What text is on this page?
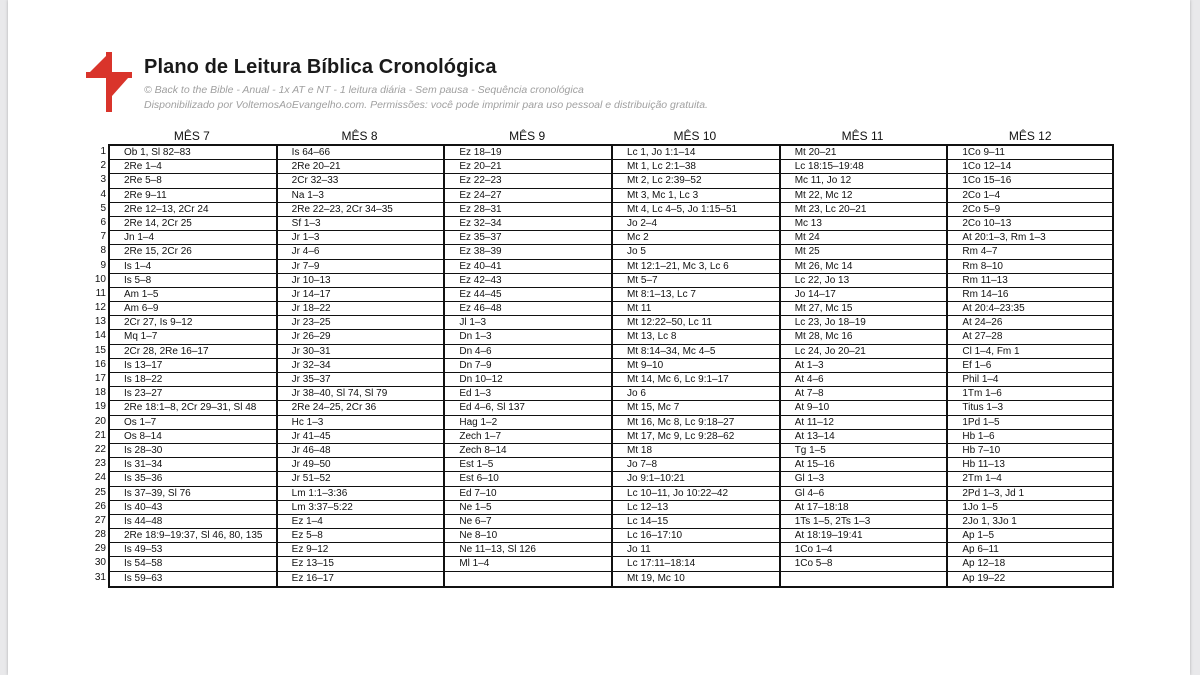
Plano de Leitura Bíblica Cronológica
© Back to the Bible - Anual - 1x AT e NT - 1 leitura diária - Sem pausa - Sequência cronológica
Disponibilizado por VoltemosAoEvangelho.com. Permissões: você pode imprimir para uso pessoal e distribuição gratuita.
1
2
3
4
5
6
7
8
9
10
11
12
13
14
15
16
17
18
19
20
21
22
23
24
25
26
27
28
29
30
31
MÊS 7
Ob 1, Sl 82–83
2Re 1–4
2Re 5–8
2Re 9–11
2Re 12–13, 2Cr 24
2Re 14, 2Cr 25
Jn 1–4
2Re 15, 2Cr 26
Is 1–4
Is 5–8
Am 1–5
Am 6–9
2Cr 27, Is 9–12
Mq 1–7
2Cr 28, 2Re 16–17
Is 13–17
Is 18–22
Is 23–27
2Re 18:1–8, 2Cr 29–31, Sl 48
Os 1–7
Os 8–14
Is 28–30
Is 31–34
Is 35–36
Is 37–39, Sl 76
Is 40–43
Is 44–48
2Re 18:9–19:37, Sl 46, 80, 135
Is 49–53
Is 54–58
Is 59–63
MÊS 8
Is 64–66
2Re 20–21
2Cr 32–33
Na 1–3
2Re 22–23, 2Cr 34–35
Sf 1–3
Jr 1–3
Jr 4–6
Jr 7–9
Jr 10–13
Jr 14–17
Jr 18–22
Jr 23–25
Jr 26–29
Jr 30–31
Jr 32–34
Jr 35–37
Jr 38–40, Sl 74, Sl 79
2Re 24–25, 2Cr 36
Hc 1–3
Jr 41–45
Jr 46–48
Jr 49–50
Jr 51–52
Lm 1:1–3:36
Lm 3:37–5:22
Ez 1–4
Ez 5–8
Ez 9–12
Ez 13–15
Ez 16–17
MÊS 9
Ez 18–19
Ez 20–21
Ez 22–23
Ez 24–27
Ez 28–31
Ez 32–34
Ez 35–37
Ez 38–39
Ez 40–41
Ez 42–43
Ez 44–45
Ez 46–48
Jl 1–3
Dn 1–3
Dn 4–6
Dn 7–9
Dn 10–12
Ed 1–3
Ed 4–6, Sl 137
Hag 1–2
Zech 1–7
Zech 8–14
Est 1–5
Est 6–10
Ed 7–10
Ne 1–5
Ne 6–7
Ne 8–10
Ne 11–13, Sl 126
Ml 1–4
MÊS 10
Lc 1, Jo 1:1–14
Mt 1, Lc 2:1–38
Mt 2, Lc 2:39–52
Mt 3, Mc 1, Lc 3
Mt 4, Lc 4–5, Jo 1:15–51
Jo 2–4
Mc 2
Jo 5
Mt 12:1–21, Mc 3, Lc 6
Mt 5–7
Mt 8:1–13, Lc 7
Mt 11
Mt 12:22–50, Lc 11
Mt 13, Lc 8
Mt 8:14–34, Mc 4–5
Mt 9–10
Mt 14, Mc 6, Lc 9:1–17
Jo 6
Mt 15, Mc 7
Mt 16, Mc 8, Lc 9:18–27
Mt 17, Mc 9, Lc 9:28–62
Mt 18
Jo 7–8
Jo 9:1–10:21
Lc 10–11, Jo 10:22–42
Lc 12–13
Lc 14–15
Lc 16–17:10
Jo 11
Lc 17:11–18:14
Mt 19, Mc 10
MÊS 11
Mt 20–21
Lc 18:15–19:48
Mc 11, Jo 12
Mt 22, Mc 12
Mt 23, Lc 20–21
Mc 13
Mt 24
Mt 25
Mt 26, Mc 14
Lc 22, Jo 13
Jo 14–17
Mt 27, Mc 15
Lc 23, Jo 18–19
Mt 28, Mc 16
Lc 24, Jo 20–21
At 1–3
At 4–6
At 7–8
At 9–10
At 11–12
At 13–14
Tg 1–5
At 15–16
Gl 1–3
Gl 4–6
At 17–18:18
1Ts 1–5, 2Ts 1–3
At 18:19–19:41
1Co 1–4
1Co 5–8
MÊS 12
1Co 9–11
1Co 12–14
1Co 15–16
2Co 1–4
2Co 5–9
2Co 10–13
At 20:1–3, Rm 1–3
Rm 4–7
Rm 8–10
Rm 11–13
Rm 14–16
At 20:4–23:35
At 24–26
At 27–28
Cl 1–4, Fm 1
Ef 1–6
Phil 1–4
1Tm 1–6
Titus 1–3
1Pd 1–5
Hb 1–6
Hb 7–10
Hb 11–13
2Tm 1–4
2Pd 1–3, Jd 1
1Jo 1–5
2Jo 1, 3Jo 1
Ap 1–5
Ap 6–11
Ap 12–18
Ap 19–22
